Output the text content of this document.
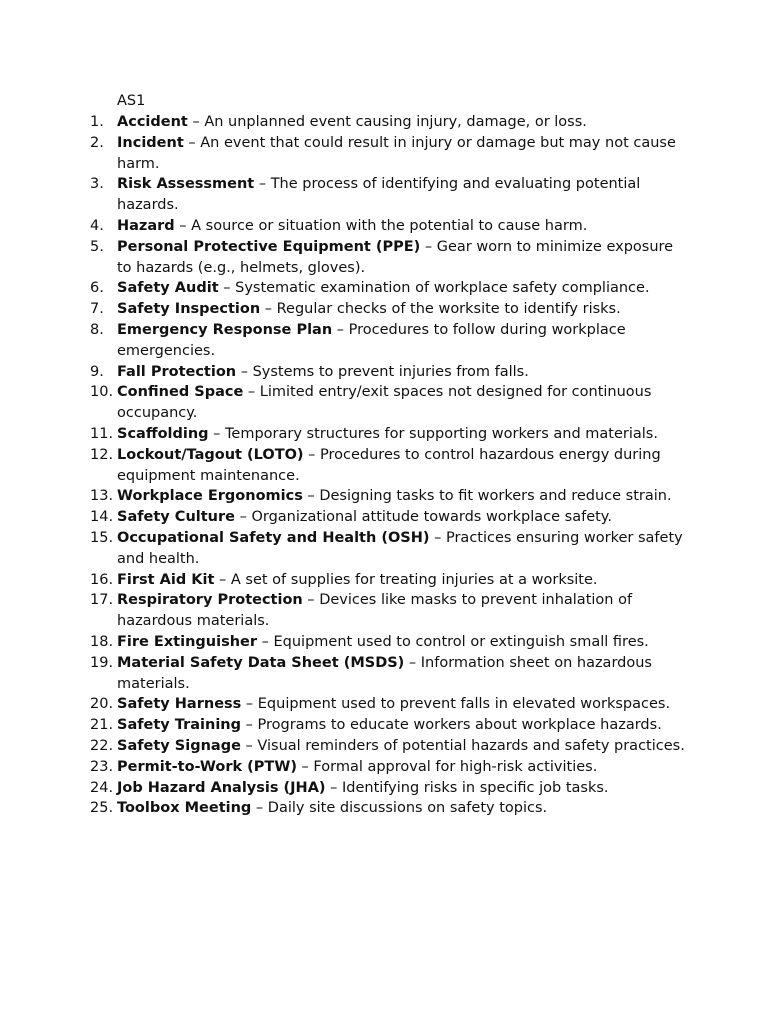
AS1

1. Accident – An unplanned event causing injury, damage, or loss.
2. Incident – An event that could result in injury or damage but may not cause harm.
3. Risk Assessment – The process of identifying and evaluating potential hazards.
4. Hazard – A source or situation with the potential to cause harm.
5. Personal Protective Equipment (PPE) – Gear worn to minimize exposure to hazards (e.g., helmets, gloves).
6. Safety Audit – Systematic examination of workplace safety compliance.
7. Safety Inspection – Regular checks of the worksite to identify risks.
8. Emergency Response Plan – Procedures to follow during workplace emergencies.
9. Fall Protection – Systems to prevent injuries from falls.
10. Confined Space – Limited entry/exit spaces not designed for continuous occupancy.
11. Scaffolding – Temporary structures for supporting workers and materials.
12. Lockout/Tagout (LOTO) – Procedures to control hazardous energy during equipment maintenance.
13. Workplace Ergonomics – Designing tasks to fit workers and reduce strain.
14. Safety Culture – Organizational attitude towards workplace safety.
15. Occupational Safety and Health (OSH) – Practices ensuring worker safety and health.
16. First Aid Kit – A set of supplies for treating injuries at a worksite.
17. Respiratory Protection – Devices like masks to prevent inhalation of hazardous materials.
18. Fire Extinguisher – Equipment used to control or extinguish small fires.
19. Material Safety Data Sheet (MSDS) – Information sheet on hazardous materials.
20. Safety Harness – Equipment used to prevent falls in elevated workspaces.
21. Safety Training – Programs to educate workers about workplace hazards.
22. Safety Signage – Visual reminders of potential hazards and safety practices.
23. Permit-to-Work (PTW) – Formal approval for high-risk activities.
24. Job Hazard Analysis (JHA) – Identifying risks in specific job tasks.
25. Toolbox Meeting – Daily site discussions on safety topics.
